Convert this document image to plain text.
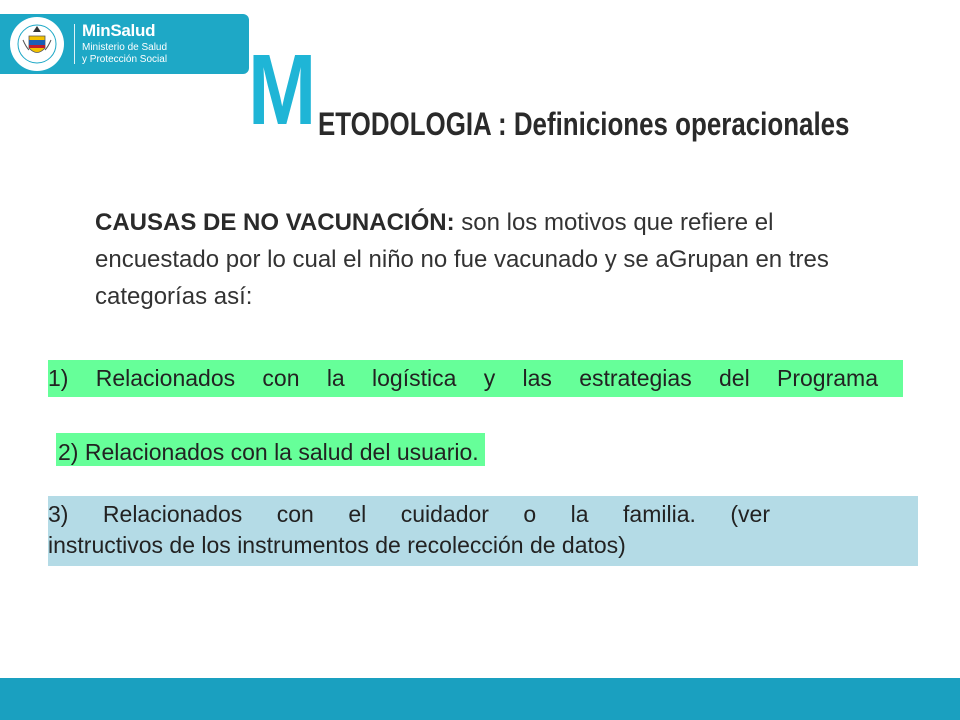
MinSalud
Ministerio de Salud
y Protección Social M ETODOLOGIA : Definiciones operacionales
CAUSAS DE NO VACUNACIÓN: son los motivos que refiere el encuestado por lo cual el niño no fue vacunado y se aGrupan en tres categorías así:
1) Relacionados con la logística y las estrategias del Programa
2) Relacionados con la salud del usuario.
3) Relacionados con el cuidador o la familia. (ver
instructivos de los instrumentos de recolección de datos)
